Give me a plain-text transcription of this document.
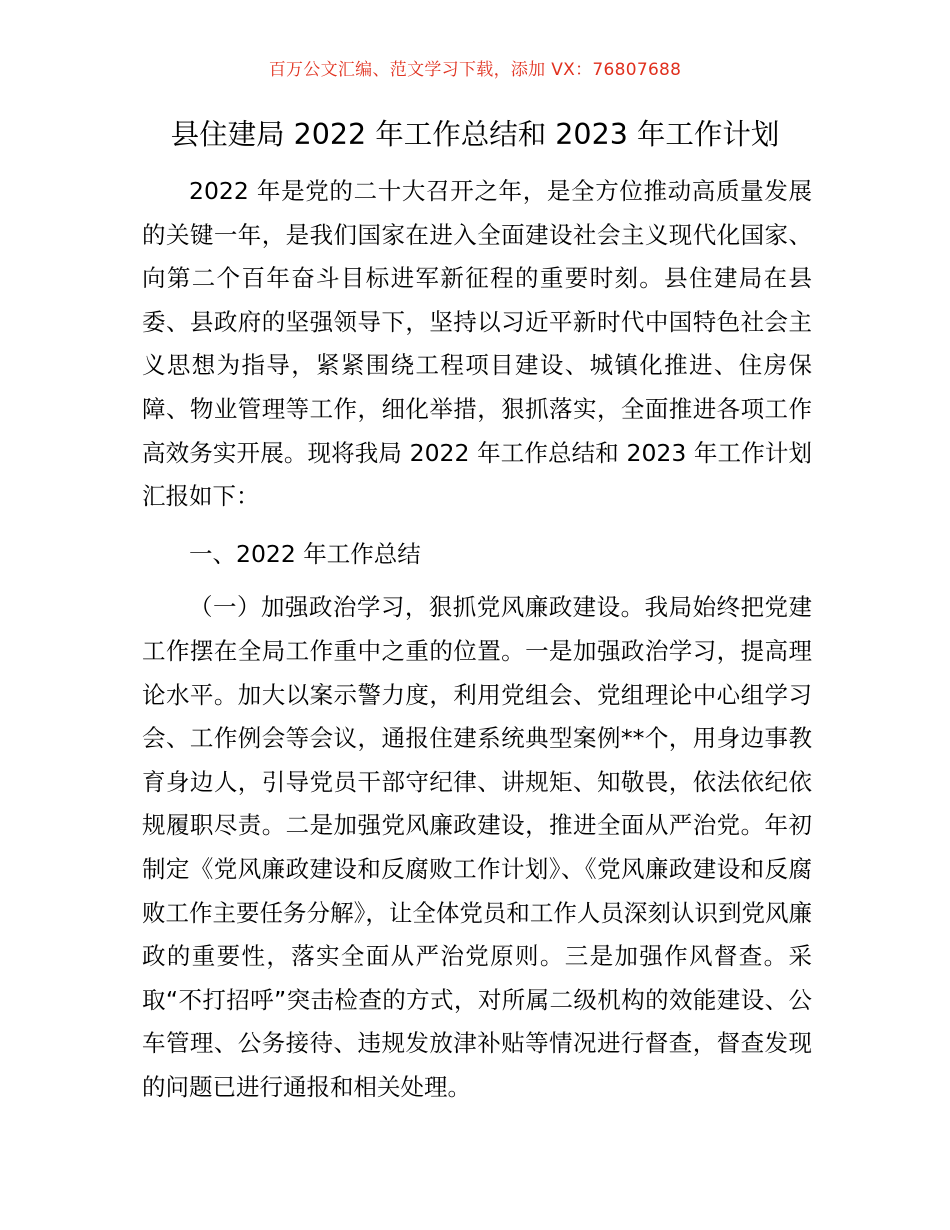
百万公文汇编、范文学习下载，添加 VX：76807688
县住建局 2022 年工作总结和 2023 年工作计划

2022 年是党的二十大召开之年，是全方位推动高质量发展的关键一年，是我们国家在进入全面建设社会主义现代化国家、向第二个百年奋斗目标进军新征程的重要时刻。县住建局在县委、县政府的坚强领导下，坚持以习近平新时代中国特色社会主义思想为指导，紧紧围绕工程项目建设、城镇化推进、住房保障、物业管理等工作，细化举措，狠抓落实，全面推进各项工作高效务实开展。现将我局 2022 年工作总结和 2023 年工作计划汇报如下：

一、2022 年工作总结

（一）加强政治学习，狠抓党风廉政建设。我局始终把党建工作摆在全局工作重中之重的位置。一是加强政治学习，提高理论水平。加大以案示警力度，利用党组会、党组理论中心组学习会、工作例会等会议，通报住建系统典型案例**个，用身边事教育身边人，引导党员干部守纪律、讲规矩、知敬畏，依法依纪依规履职尽责。二是加强党风廉政建设，推进全面从严治党。年初制定《党风廉政建设和反腐败工作计划》、《党风廉政建设和反腐败工作主要任务分解》，让全体党员和工作人员深刻认识到党风廉政的重要性，落实全面从严治党原则。三是加强作风督查。采取“不打招呼”突击检查的方式，对所属二级机构的效能建设、公车管理、公务接待、违规发放津补贴等情况进行督查，督查发现的问题已进行通报和相关处理。
